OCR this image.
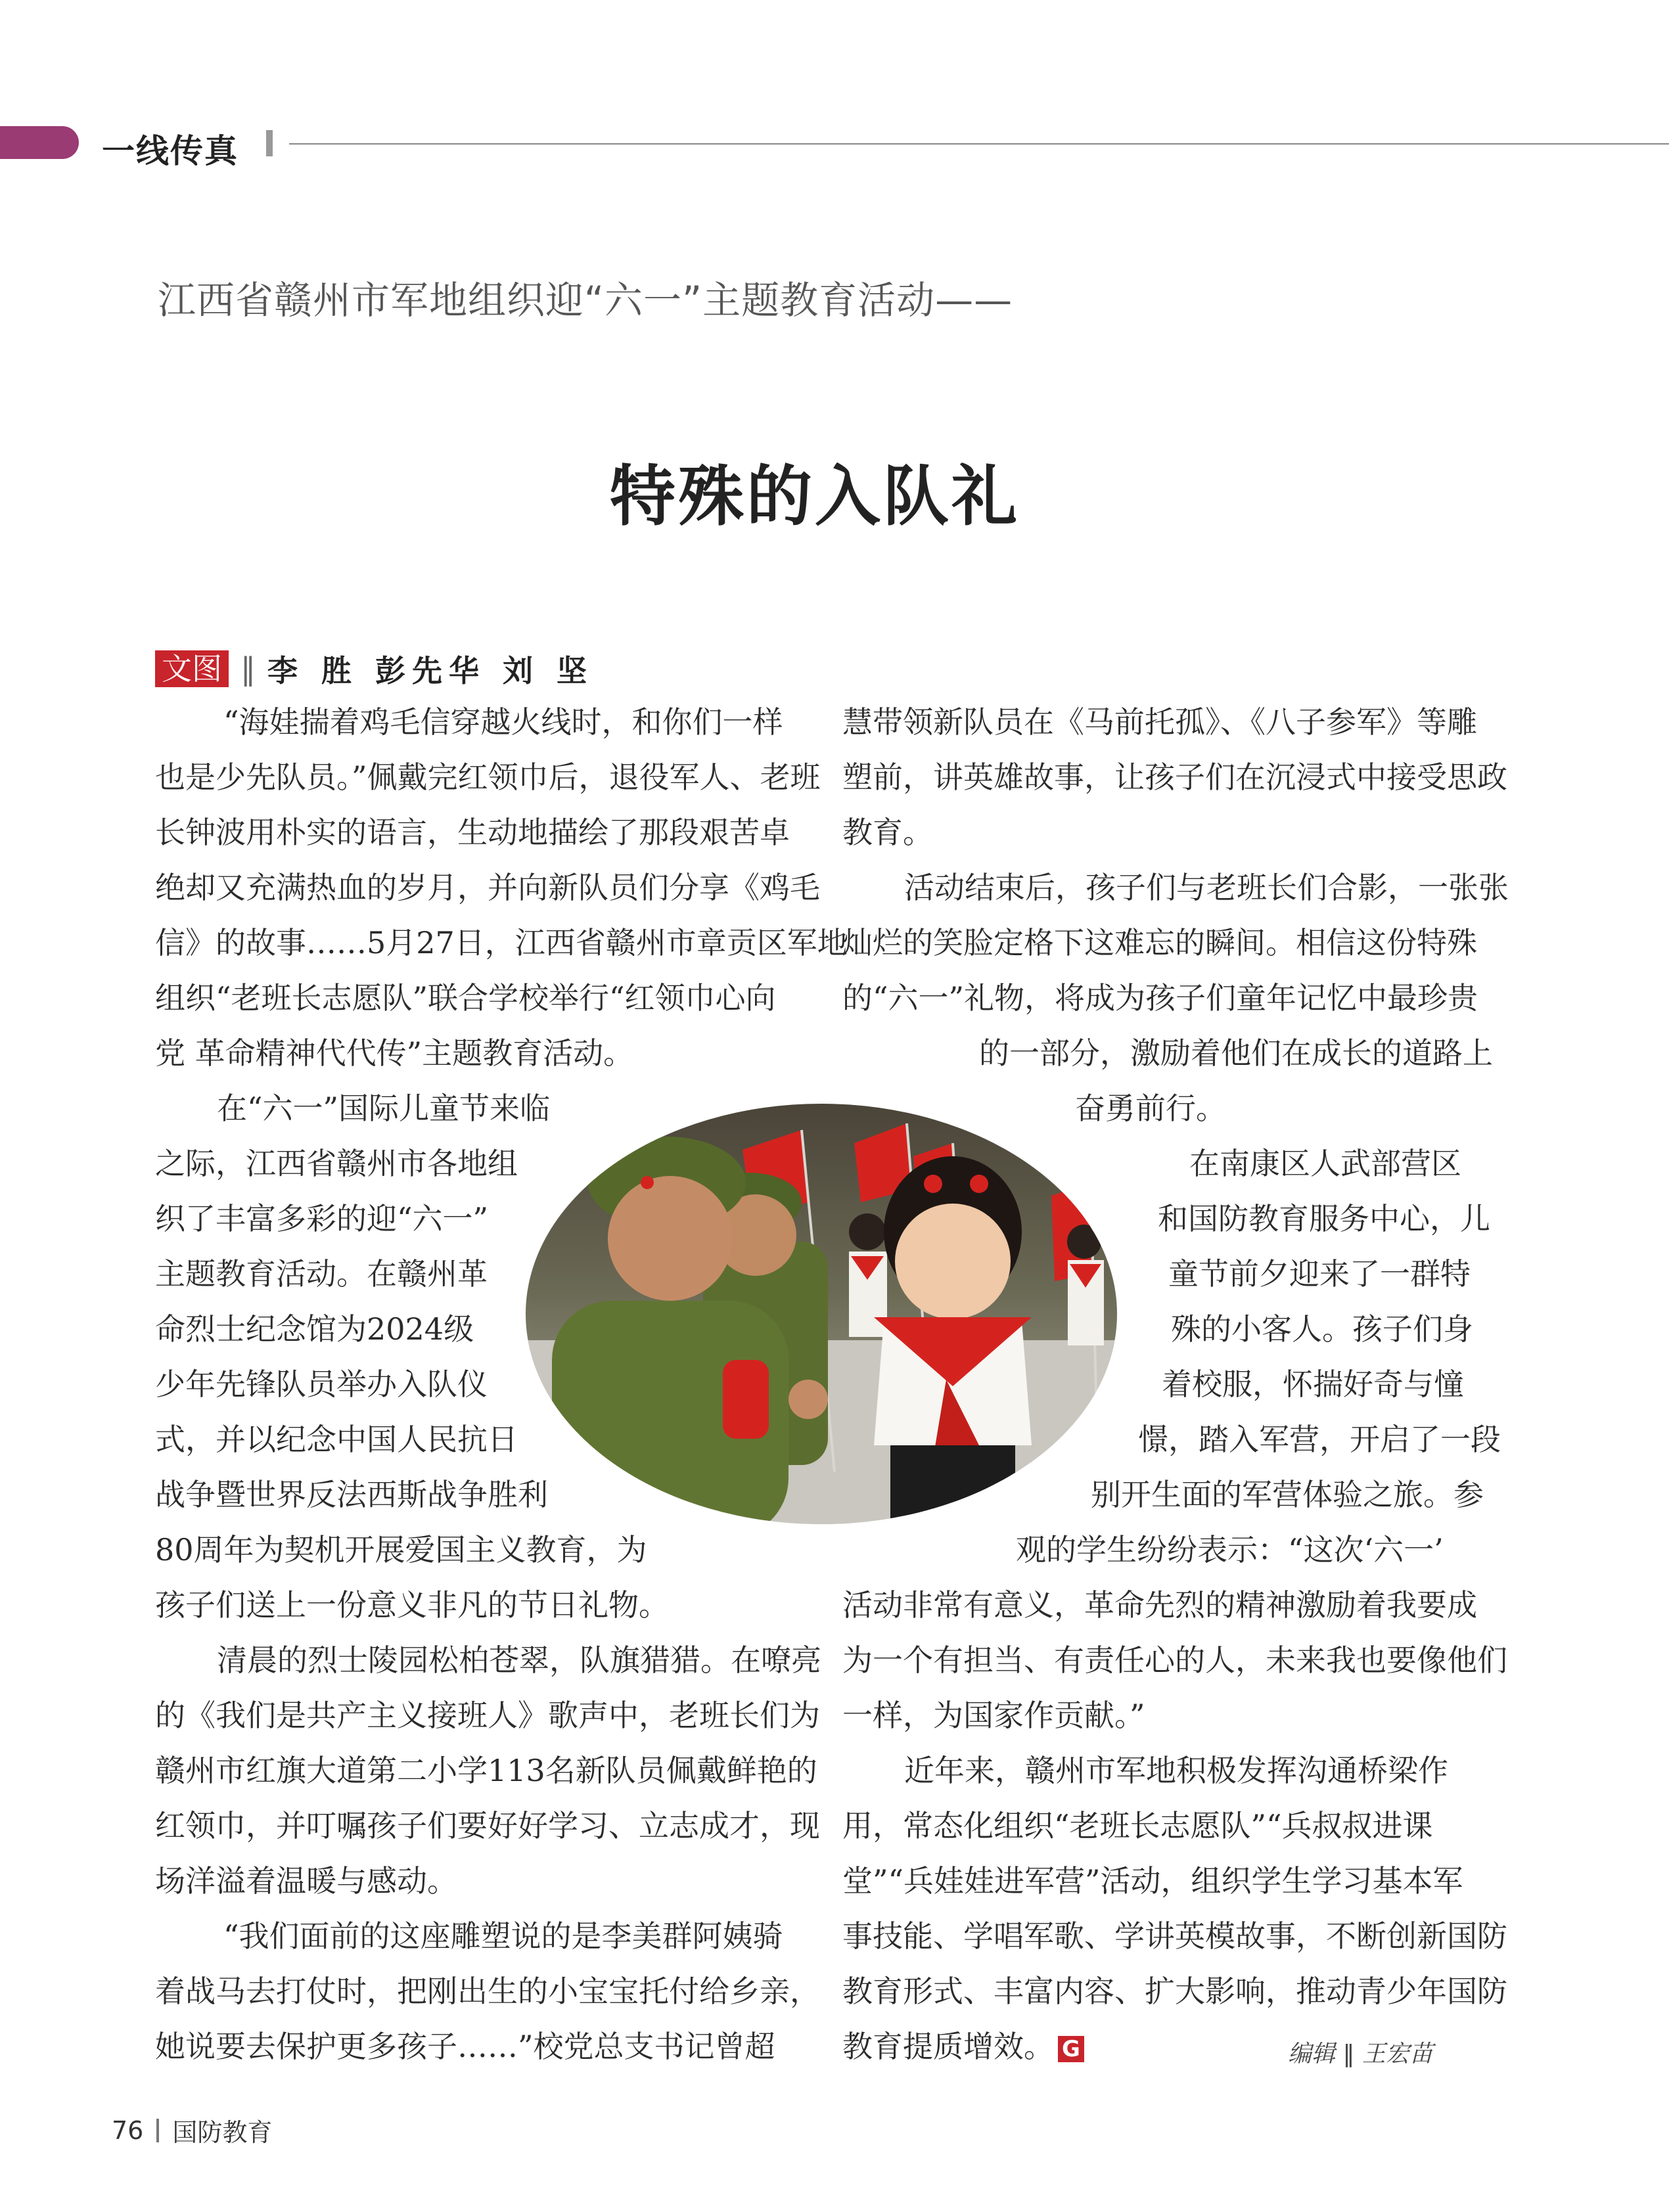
一线传真
江西省赣州市军地组织迎“六一”主题教育活动——
特殊的入队礼
文图 ‖ 李 胜 彭先华 刘 坚
“海娃揣着鸡毛信穿越火线时，和你们一样
也是少先队员。”佩戴完红领巾后，退役军人、老班
长钟波用朴实的语言，生动地描绘了那段艰苦卓
绝却又充满热血的岁月，并向新队员们分享《鸡毛
信》的故事……5月27日，江西省赣州市章贡区军地
组织“老班长志愿队”联合学校举行“红领巾心向
党 革命精神代代传”主题教育活动。
在“六一”国际儿童节来临
之际，江西省赣州市各地组
织了丰富多彩的迎“六一”
主题教育活动。在赣州革
命烈士纪念馆为2024级
少年先锋队员举办入队仪
式，并以纪念中国人民抗日
战争暨世界反法西斯战争胜利
80周年为契机开展爱国主义教育，为
孩子们送上一份意义非凡的节日礼物。
清晨的烈士陵园松柏苍翠，队旗猎猎。在嘹亮
的《我们是共产主义接班人》歌声中，老班长们为
赣州市红旗大道第二小学113名新队员佩戴鲜艳的
红领巾，并叮嘱孩子们要好好学习、立志成才，现
场洋溢着温暖与感动。
“我们面前的这座雕塑说的是李美群阿姨骑
着战马去打仗时，把刚出生的小宝宝托付给乡亲，
她说要去保护更多孩子……”校党总支书记曾超
慧带领新队员在《马前托孤》、《八子参军》等雕
塑前，讲英雄故事，让孩子们在沉浸式中接受思政
教育。
活动结束后，孩子们与老班长们合影，一张张
灿烂的笑脸定格下这难忘的瞬间。相信这份特殊
的“六一”礼物，将成为孩子们童年记忆中最珍贵
的一部分，激励着他们在成长的道路上
奋勇前行。
在南康区人武部营区
和国防教育服务中心，儿
童节前夕迎来了一群特
殊的小客人。孩子们身
着校服，怀揣好奇与憧
憬，踏入军营，开启了一段
别开生面的军营体验之旅。参
观的学生纷纷表示：“这次‘六一’
活动非常有意义，革命先烈的精神激励着我要成
为一个有担当、有责任心的人，未来我也要像他们
一样，为国家作贡献。”
近年来，赣州市军地积极发挥沟通桥梁作
用，常态化组织“老班长志愿队”“兵叔叔进课
堂”“兵娃娃进军营”活动，组织学生学习基本军
事技能、学唱军歌、学讲英模故事，不断创新国防
教育形式、丰富内容、扩大影响，推动青少年国防
教育提质增效。 G	编辑 ‖ 王宏苗
76 国防教育
